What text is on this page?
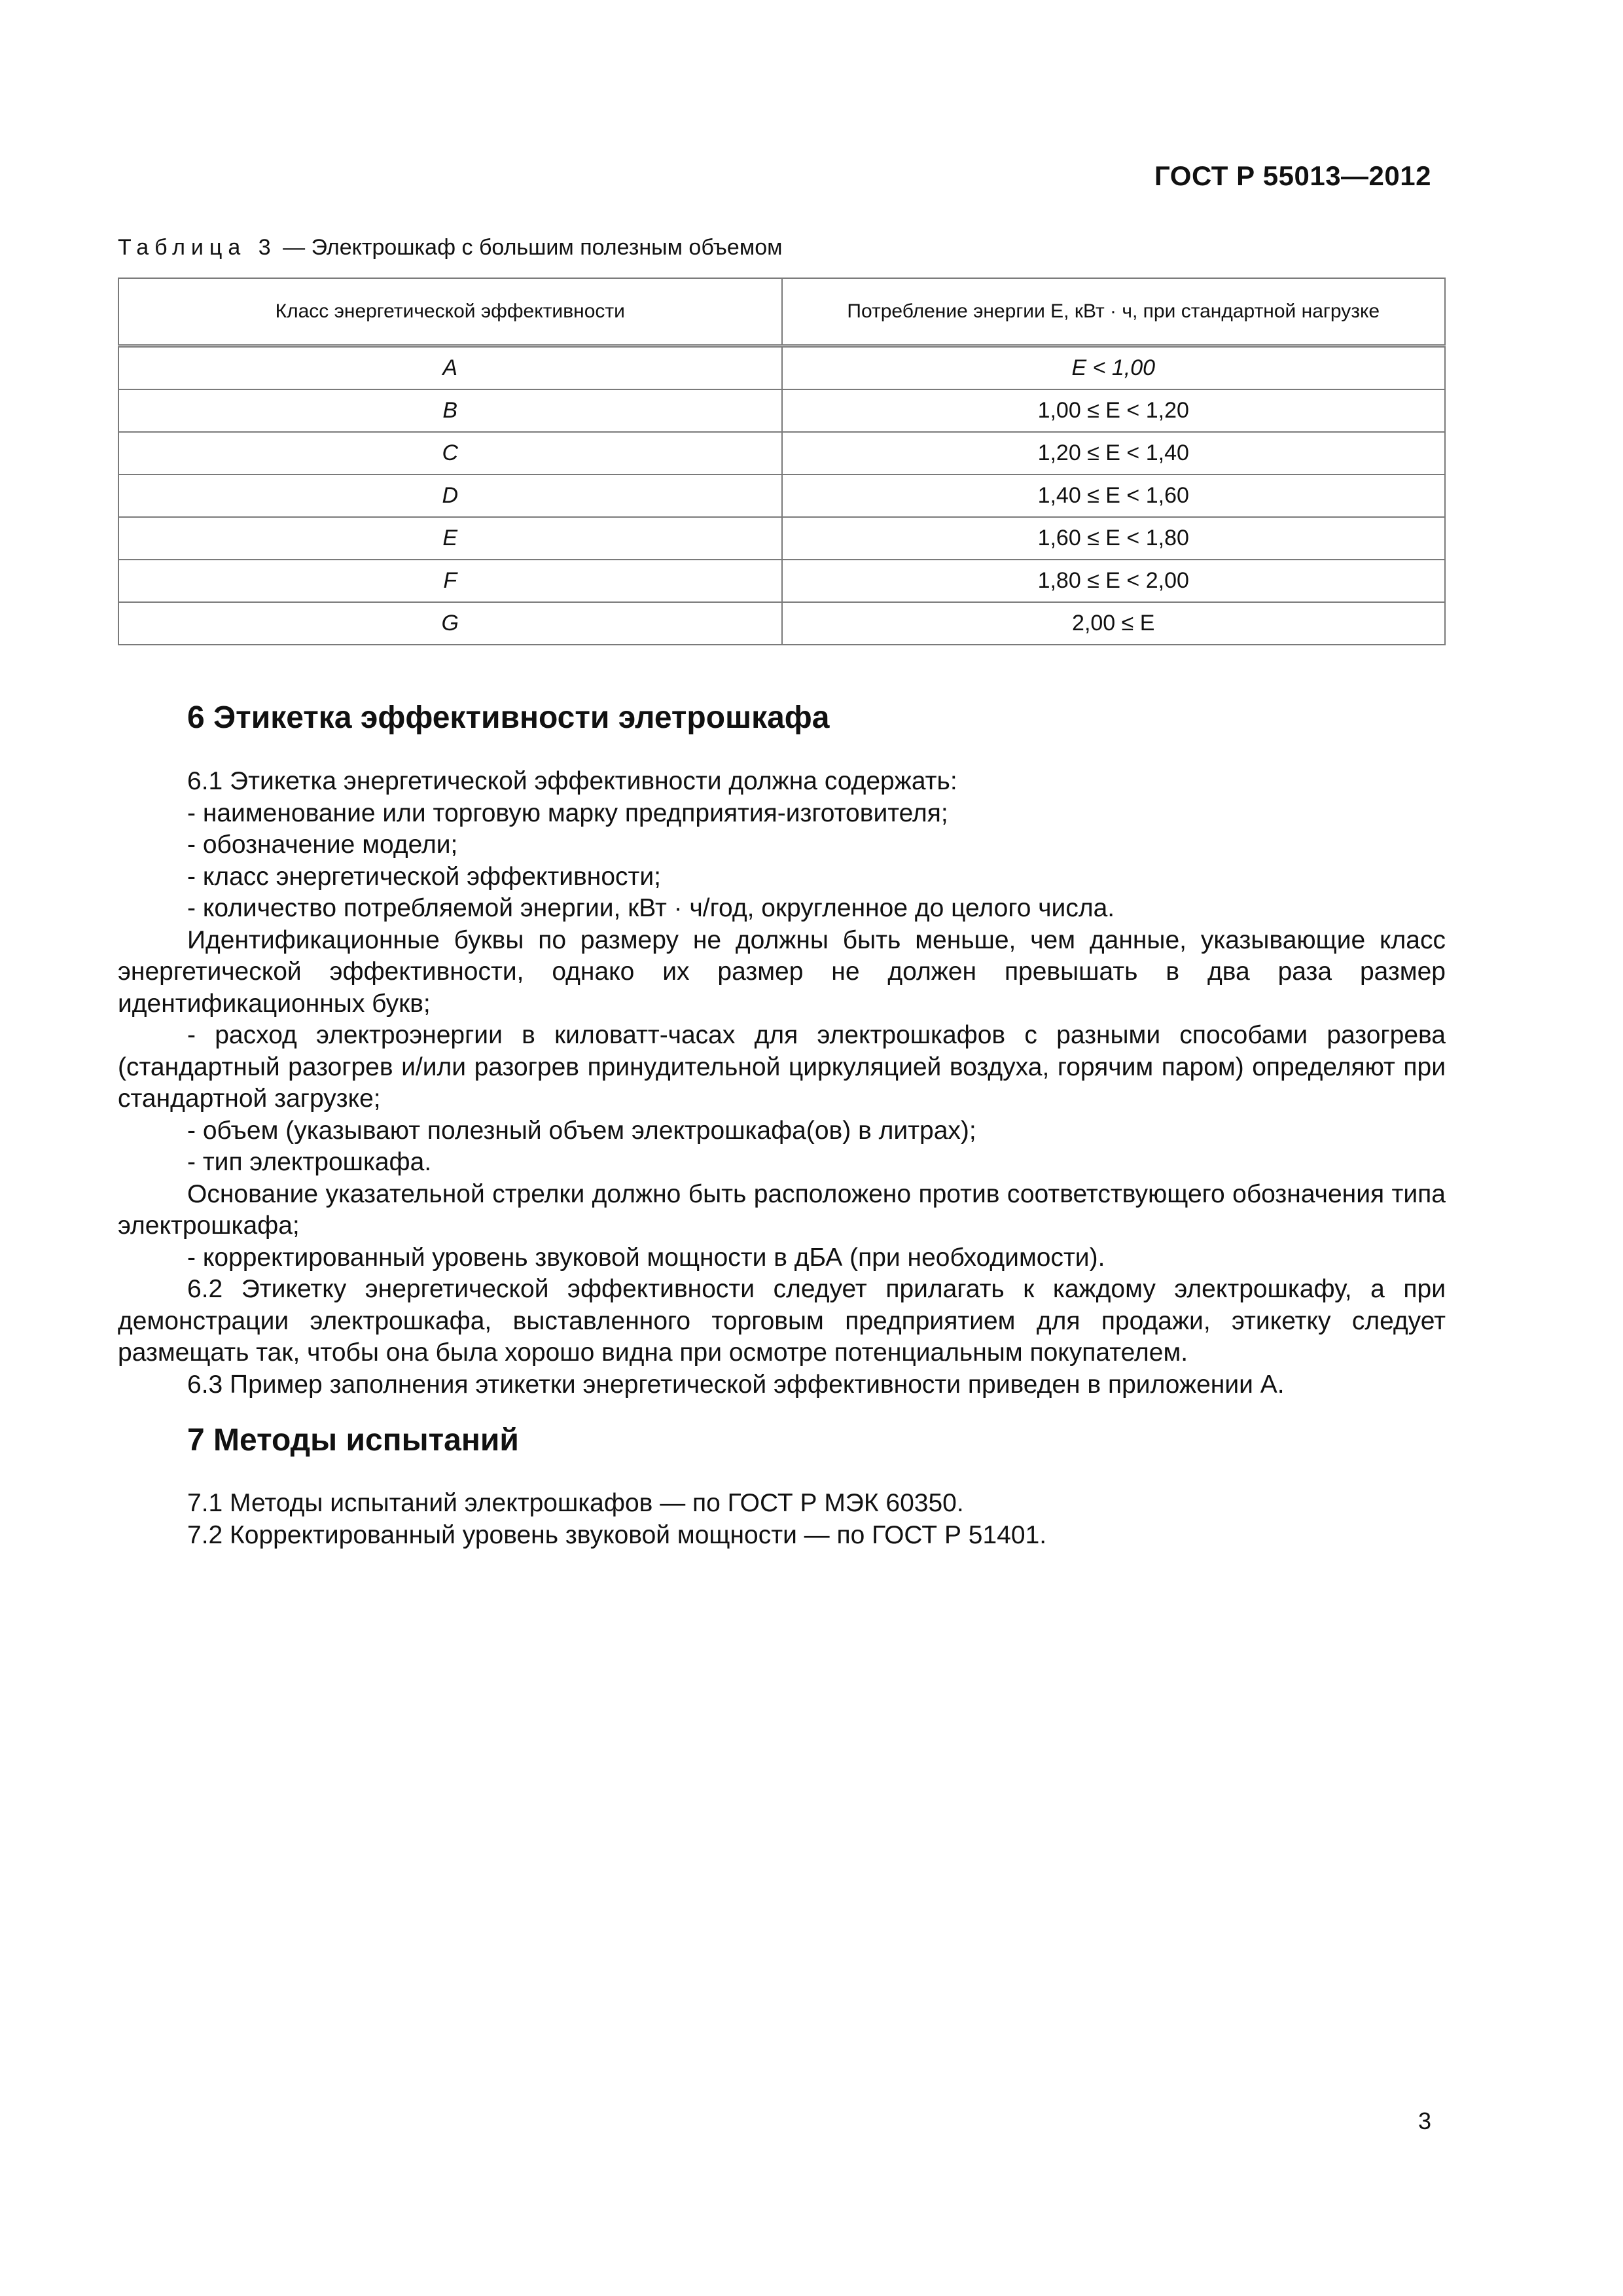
ГОСТ Р 55013—2012
Таблица 3 — Электрошкаф с большим полезным объемом
Класс энергетической эффективности	Потребление энергии Е, кВт · ч, при стандартной нагрузке
A	E < 1,00
B	1,00 ≤ E < 1,20
C	1,20 ≤ E < 1,40
D	1,40 ≤ E < 1,60
E	1,60 ≤ E < 1,80
F	1,80 ≤ E < 2,00
G	2,00 ≤ E
6 Этикетка эффективности элетрошкафа

6.1 Этикетка энергетической эффективности должна содержать:

- наименование или торговую марку предприятия-изготовителя;

- обозначение модели;

- класс энергетической эффективности;

- количество потребляемой энергии, кВт · ч/год, округленное до целого числа.

Идентификационные буквы по размеру не должны быть меньше, чем данные, указывающие класс энергетической эффективности, однако их размер не должен превышать в два раза размер идентификационных букв;

- расход электроэнергии в киловатт-часах для электрошкафов с разными способами разогрева (стандартный разогрев и/или разогрев принудительной циркуляцией воздуха, горячим паром) определяют при стандартной загрузке;

- объем (указывают полезный объем электрошкафа(ов) в литрах);

- тип электрошкафа.

Основание указательной стрелки должно быть расположено против соответствующего обозначения типа электрошкафа;

- корректированный уровень звуковой мощности в дБА (при необходимости).

6.2 Этикетку энергетической эффективности следует прилагать к каждому электрошкафу, а при демонстрации электрошкафа, выставленного торговым предприятием для продажи, этикетку следует размещать так, чтобы она была хорошо видна при осмотре потенциальным покупателем.

6.3 Пример заполнения этикетки энергетической эффективности приведен в приложении А.

7 Методы испытаний

7.1 Методы испытаний электрошкафов — по ГОСТ Р МЭК 60350.

7.2 Корректированный уровень звуковой мощности — по ГОСТ Р 51401.

3
